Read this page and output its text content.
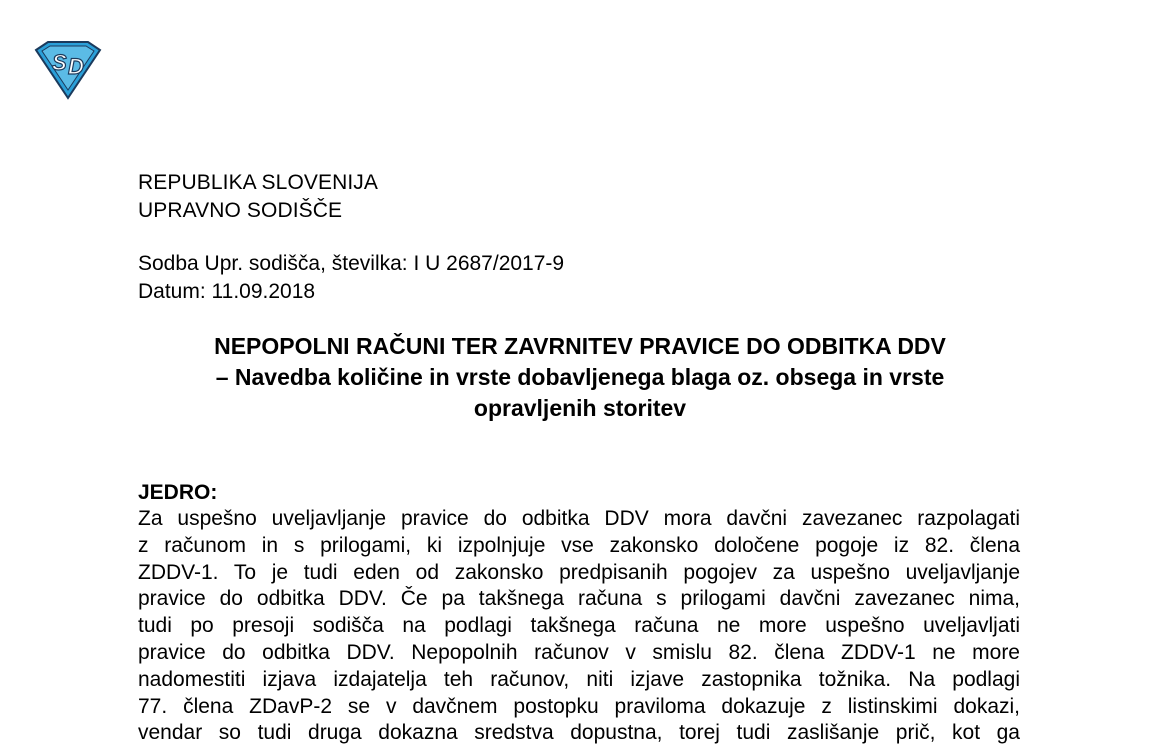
S D
REPUBLIKA SLOVENIJA
UPRAVNO SODIŠČE
Sodba Upr. sodišča, številka: I U 2687/2017-9
Datum: 11.09.2018
NEPOPOLNI RAČUNI TER ZAVRNITEV PRAVICE DO ODBITKA DDV
– Navedba količine in vrste dobavljenega blaga oz. obsega in vrste
opravljenih storitev
JEDRO:
Za uspešno uveljavljanje pravice do odbitka DDV mora davčni zavezanec razpolagati
z računom in s prilogami, ki izpolnjuje vse zakonsko določene pogoje iz 82. člena
ZDDV-1. To je tudi eden od zakonsko predpisanih pogojev za uspešno uveljavljanje
pravice do odbitka DDV. Če pa takšnega računa s prilogami davčni zavezanec nima,
tudi po presoji sodišča na podlagi takšnega računa ne more uspešno uveljavljati
pravice do odbitka DDV. Nepopolnih računov v smislu 82. člena ZDDV-1 ne more
nadomestiti izjava izdajatelja teh računov, niti izjave zastopnika tožnika. Na podlagi
77. člena ZDavP-2 se v davčnem postopku praviloma dokazuje z listinskimi dokazi,
vendar so tudi druga dokazna sredstva dopustna, torej tudi zaslišanje prič, kot ga
